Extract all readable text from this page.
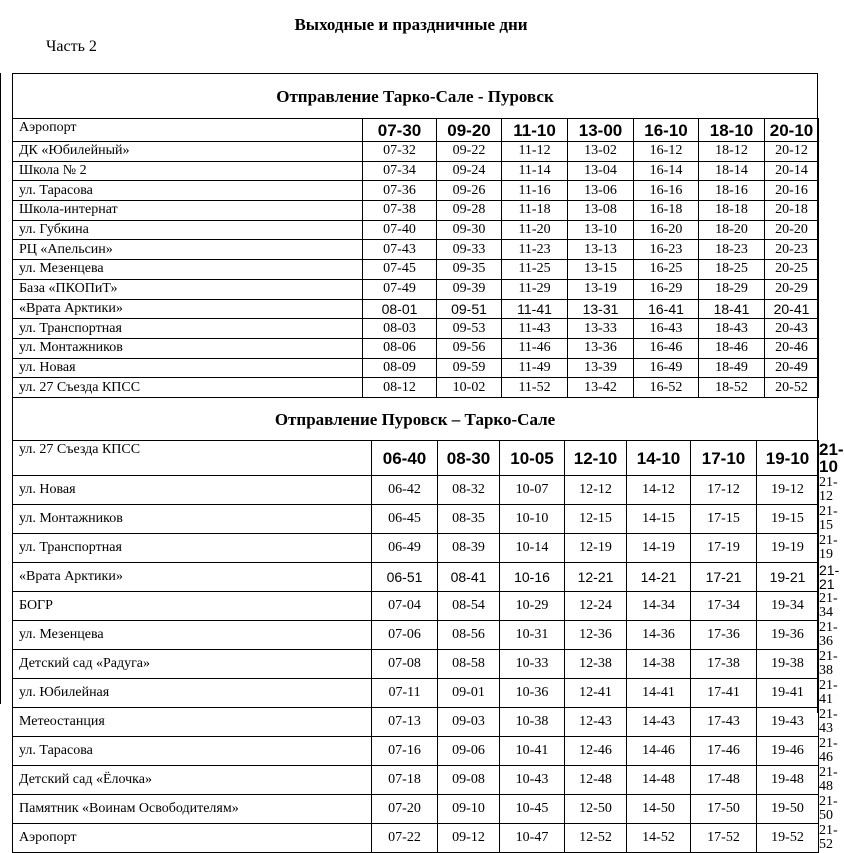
Выходные и праздничные дни
Часть 2
Отправление Тарко-Сале - Пуровск
Аэропорт		07-30	09-20	11-10	13-00	16-10	18-10	20-10
ДК «Юбилейный»		07-32	09-22	11-12	13-02	16-12	18-12	20-12
Школа № 2		07-34	09-24	11-14	13-04	16-14	18-14	20-14
ул. Тарасова		07-36	09-26	11-16	13-06	16-16	18-16	20-16
Школа-интернат		07-38	09-28	11-18	13-08	16-18	18-18	20-18
ул. Губкина		07-40	09-30	11-20	13-10	16-20	18-20	20-20
РЦ «Апельсин»		07-43	09-33	11-23	13-13	16-23	18-23	20-23
ул. Мезенцева		07-45	09-35	11-25	13-15	16-25	18-25	20-25
База «ПКОПиТ»		07-49	09-39	11-29	13-19	16-29	18-29	20-29
«Врата Арктики»		08-01	09-51	11-41	13-31	16-41	18-41	20-41
ул. Транспортная		08-03	09-53	11-43	13-33	16-43	18-43	20-43
ул. Монтажников		08-06	09-56	11-46	13-36	16-46	18-46	20-46
ул. Новая		08-09	09-59	11-49	13-39	16-49	18-49	20-49
ул. 27 Съезда КПСС		08-12	10-02	11-52	13-42	16-52	18-52	20-52
Отправление Пуровск – Тарко-Сале
ул. 27 Съезда КПСС	06-40	08-30	10-05	12-10	14-10	17-10	19-10	21-10
ул. Новая	06-42	08-32	10-07	12-12	14-12	17-12	19-12	21-12
ул. Монтажников	06-45	08-35	10-10	12-15	14-15	17-15	19-15	21-15
ул. Транспортная	06-49	08-39	10-14	12-19	14-19	17-19	19-19	21-19
«Врата Арктики»	06-51	08-41	10-16	12-21	14-21	17-21	19-21	21-21
БОГР	07-04	08-54	10-29	12-24	14-34	17-34	19-34	21-34
ул. Мезенцева	07-06	08-56	10-31	12-36	14-36	17-36	19-36	21-36
Детский сад «Радуга»	07-08	08-58	10-33	12-38	14-38	17-38	19-38	21-38
ул. Юбилейная	07-11	09-01	10-36	12-41	14-41	17-41	19-41	21-41
Метеостанция	07-13	09-03	10-38	12-43	14-43	17-43	19-43	21-43
ул. Тарасова	07-16	09-06	10-41	12-46	14-46	17-46	19-46	21-46
Детский сад «Ёлочка»	07-18	09-08	10-43	12-48	14-48	17-48	19-48	21-48
Памятник «Воинам Освободителям»	07-20	09-10	10-45	12-50	14-50	17-50	19-50	21-50
Аэропорт	07-22	09-12	10-47	12-52	14-52	17-52	19-52	21-52
